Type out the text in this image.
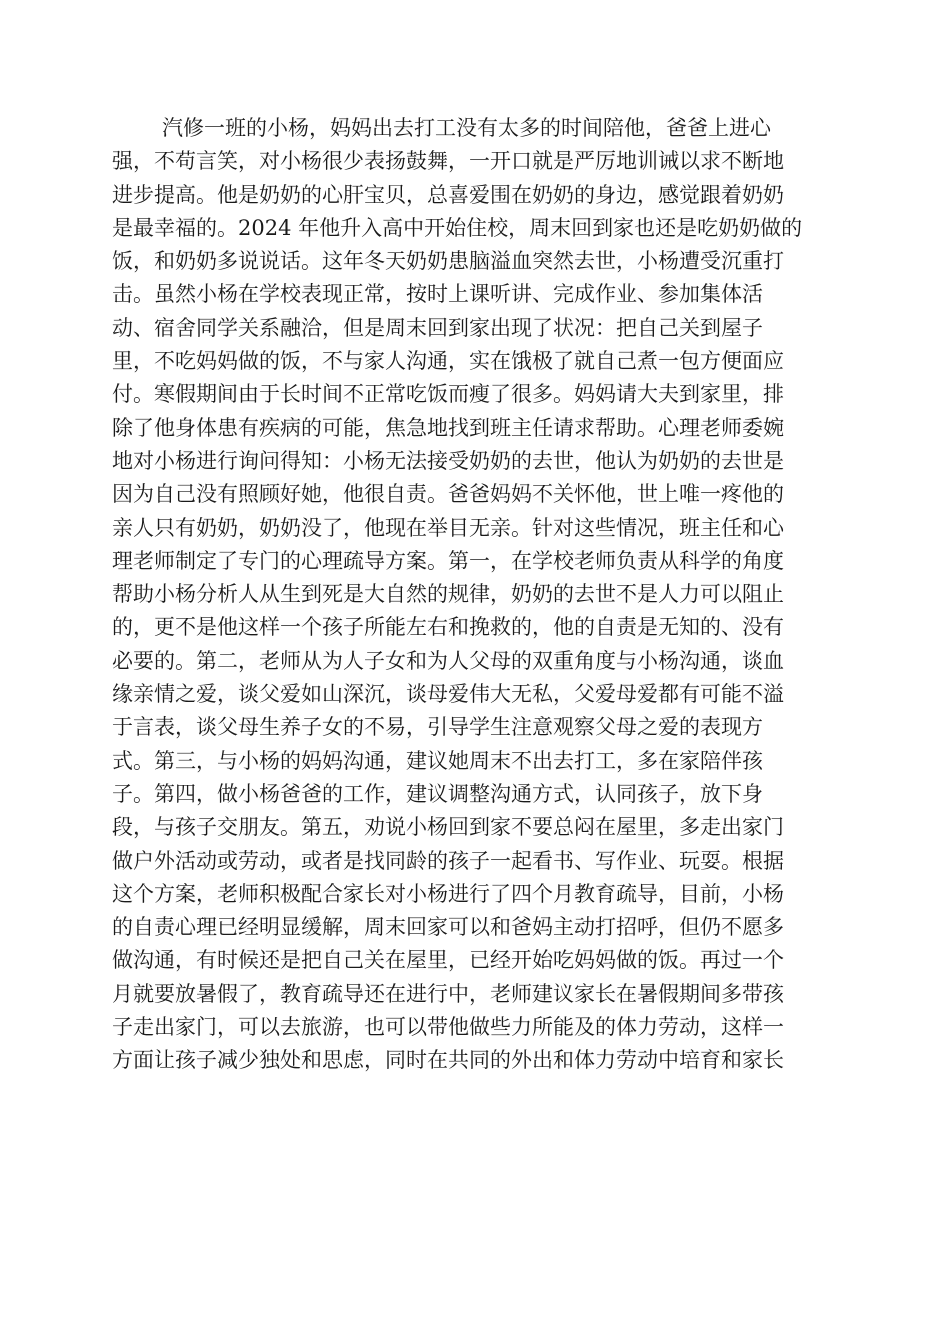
汽修一班的小杨，妈妈出去打工没有太多的时间陪他，爸爸上进心
强，不苟言笑，对小杨很少表扬鼓舞，一开口就是严厉地训诫以求不断地
进步提高。他是奶奶的心肝宝贝，总喜爱围在奶奶的身边，感觉跟着奶奶
是最幸福的。2024 年他升入高中开始住校，周末回到家也还是吃奶奶做的
饭，和奶奶多说说话。这年冬天奶奶患脑溢血突然去世，小杨遭受沉重打
击。虽然小杨在学校表现正常，按时上课听讲、完成作业、参加集体活
动、宿舍同学关系融洽，但是周末回到家出现了状况：把自己关到屋子
里，不吃妈妈做的饭，不与家人沟通，实在饿极了就自己煮一包方便面应
付。寒假期间由于长时间不正常吃饭而瘦了很多。妈妈请大夫到家里，排
除了他身体患有疾病的可能，焦急地找到班主任请求帮助。心理老师委婉
地对小杨进行询问得知：小杨无法接受奶奶的去世，他认为奶奶的去世是
因为自己没有照顾好她，他很自责。爸爸妈妈不关怀他，世上唯一疼他的
亲人只有奶奶，奶奶没了，他现在举目无亲。针对这些情况，班主任和心
理老师制定了专门的心理疏导方案。第一，在学校老师负责从科学的角度
帮助小杨分析人从生到死是大自然的规律，奶奶的去世不是人力可以阻止
的，更不是他这样一个孩子所能左右和挽救的，他的自责是无知的、没有
必要的。第二，老师从为人子女和为人父母的双重角度与小杨沟通，谈血
缘亲情之爱，谈父爱如山深沉，谈母爱伟大无私，父爱母爱都有可能不溢
于言表，谈父母生养子女的不易，引导学生注意观察父母之爱的表现方
式。第三，与小杨的妈妈沟通，建议她周末不出去打工，多在家陪伴孩
子。第四，做小杨爸爸的工作，建议调整沟通方式，认同孩子，放下身
段，与孩子交朋友。第五，劝说小杨回到家不要总闷在屋里，多走出家门
做户外活动或劳动，或者是找同龄的孩子一起看书、写作业、玩耍。根据
这个方案，老师积极配合家长对小杨进行了四个月教育疏导，目前，小杨
的自责心理已经明显缓解，周末回家可以和爸妈主动打招呼，但仍不愿多
做沟通，有时候还是把自己关在屋里，已经开始吃妈妈做的饭。再过一个
月就要放暑假了，教育疏导还在进行中，老师建议家长在暑假期间多带孩
子走出家门，可以去旅游，也可以带他做些力所能及的体力劳动，这样一
方面让孩子减少独处和思虑，同时在共同的外出和体力劳动中培育和家长
